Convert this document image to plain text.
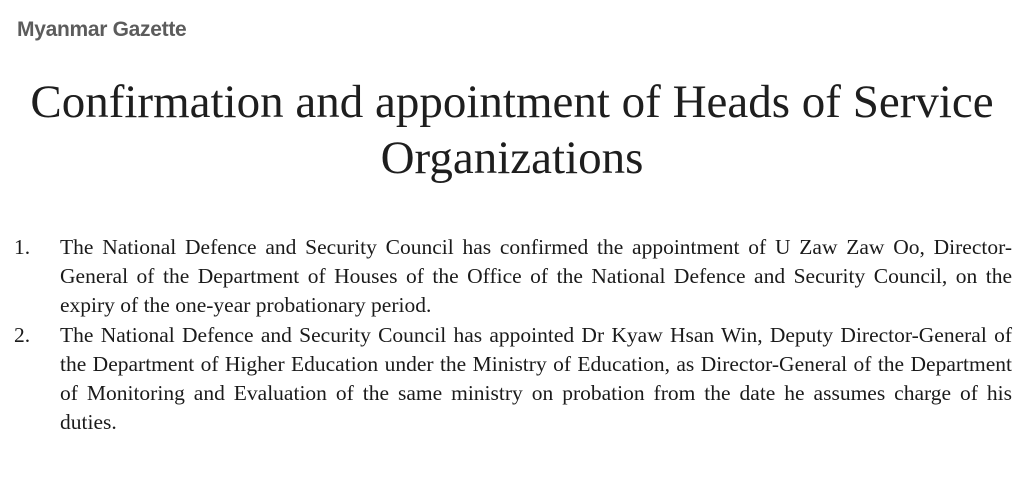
Myanmar Gazette
Confirmation and appointment of Heads of Service Organizations
1.	The National Defence and Security Council has confirmed the appointment of U Zaw Zaw Oo, Director-General of the Department of Houses of the Office of the National Defence and Security Council, on the expiry of the one-year probationary period.
2.	The National Defence and Security Council has appointed Dr Kyaw Hsan Win, Deputy Director-General of the Department of Higher Education under the Ministry of Education, as Director-General of the Department of Monitoring and Evaluation of the same ministry on probation from the date he assumes charge of his duties.
